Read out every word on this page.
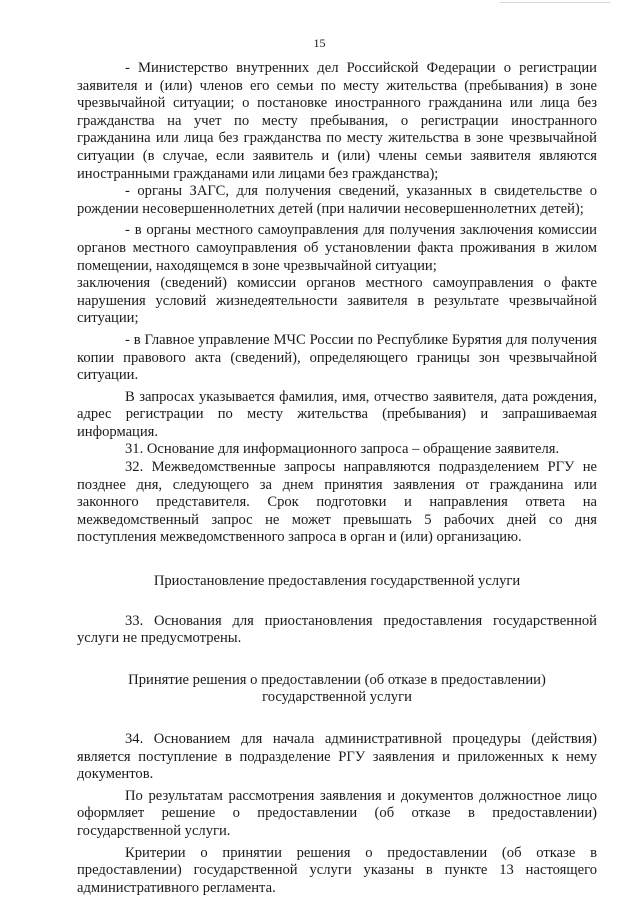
15

- Министерство внутренних дел Российской Федерации о регистрации заявителя и (или) членов его семьи по месту жительства (пребывания) в зоне чрезвычайной ситуации; о постановке иностранного гражданина или лица без гражданства на учет по месту пребывания, о регистрации иностранного гражданина или лица без гражданства по месту жительства в зоне чрезвычайной ситуации (в случае, если заявитель и (или) члены семьи заявителя являются иностранными гражданами или лицами без гражданства);

- органы ЗАГС, для получения сведений, указанных в свидетельстве о рождении несовершеннолетних детей (при наличии несовершеннолетних детей);

- в органы местного самоуправления для получения заключения комиссии органов местного самоуправления об установлении факта проживания в жилом помещении, находящемся в зоне чрезвычайной ситуации;

заключения (сведений) комиссии органов местного самоуправления о факте нарушения условий жизнедеятельности заявителя в результате чрезвычайной ситуации;

- в Главное управление МЧС России по Республике Бурятия для получения копии правового акта (сведений), определяющего границы зон чрезвычайной ситуации.

В запросах указывается фамилия, имя, отчество заявителя, дата рождения, адрес регистрации по месту жительства (пребывания) и запрашиваемая информация.

31. Основание для информационного запроса – обращение заявителя.

32. Межведомственные запросы направляются подразделением РГУ не позднее дня, следующего за днем принятия заявления от гражданина или законного представителя. Срок подготовки и направления ответа на межведомственный запрос не может превышать 5 рабочих дней со дня поступления межведомственного запроса в орган и (или) организацию.

Приостановление предоставления государственной услуги

33. Основания для приостановления предоставления государственной услуги не предусмотрены.

Принятие решения о предоставлении (об отказе в предоставлении)
государственной услуги

34. Основанием для начала административной процедуры (действия) является поступление в подразделение РГУ заявления и приложенных к нему документов.

По результатам рассмотрения заявления и документов должностное лицо оформляет решение о предоставлении (об отказе в предоставлении) государственной услуги.

Критерии о принятии решения о предоставлении (об отказе в предоставлении) государственной услуги указаны в пункте 13 настоящего административного регламента.
